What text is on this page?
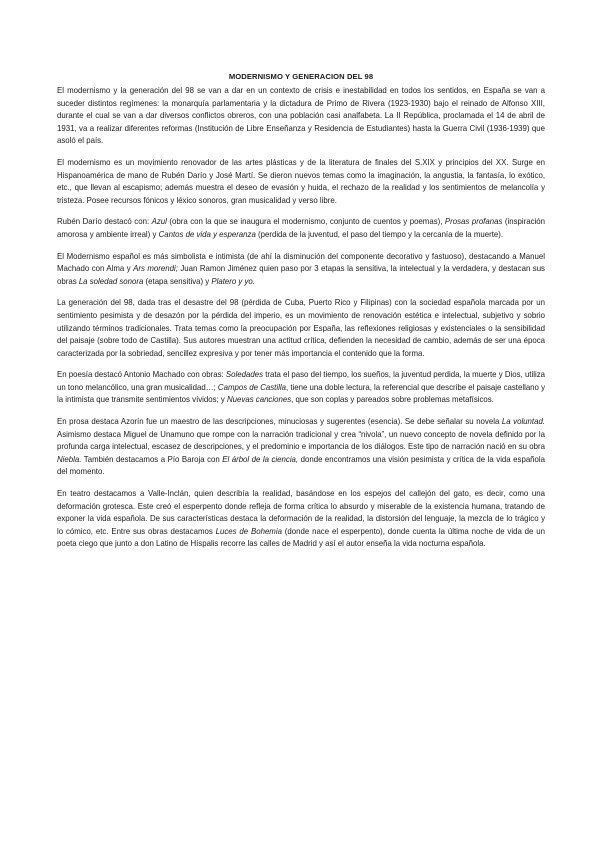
MODERNISMO Y GENERACION DEL 98

El modernismo y la generación del 98 se van a dar en un contexto de crisis e inestabilidad en todos los sentidos, en España se van a suceder distintos regímenes: la monarquía parlamentaria y la dictadura de Primo de Rivera (1923-1930) bajo el reinado de Alfonso XIII, durante el cual se van a dar diversos conflictos obreros, con una población casi analfabeta. La II República, proclamada el 14 de abril de 1931, va a realizar diferentes reformas (Institución de Libre Enseñanza y Residencia de Estudiantes) hasta la Guerra Civil (1936-1939) que asoló el país.

El modernismo es un movimiento renovador de las artes plásticas y de la literatura de finales del S.XIX y principios del XX. Surge en Hispanoamérica de mano de Rubén Darío y José Martí. Se dieron nuevos temas como la imaginación, la angustia, la fantasía, lo exótico, etc., que llevan al escapismo; además muestra el deseo de evasión y huida, el rechazo de la realidad y los sentimientos de melancolía y tristeza. Posee recursos fónicos y léxico sonoros, gran musicalidad y verso libre.

Rubén Darío destacó con: Azul (obra con la que se inaugura el modernismo, conjunto de cuentos y poemas), Prosas profanas (inspiración amorosa y ambiente irreal) y Cantos de vida y esperanza (perdida de la juventud, el paso del tiempo y la cercanía de la muerte).

El Modernismo español es más simbolista e intimista (de ahí la disminución del componente decorativo y fastuoso), destacando a Manuel Machado con Alma y Ars morendi; Juan Ramon Jiménez quien paso por 3 etapas la sensitiva, la intelectual y la verdadera, y destacan sus obras La soledad sonora (etapa sensitiva) y Platero y yo.

La generación del 98, dada tras el desastre del 98 (pérdida de Cuba, Puerto Rico y Filipinas) con la sociedad española marcada por un sentimiento pesimista y de desazón por la pérdida del imperio, es un movimiento de renovación estética e intelectual, subjetivo y sobrio utilizando términos tradicionales. Trata temas como la preocupación por España, las reflexiones religiosas y existenciales o la sensibilidad del paisaje (sobre todo de Castilla). Sus autores muestran una actitud crítica, defienden la necesidad de cambio, además de ser una época caracterizada por la sobriedad, sencillez expresiva y por tener más importancia el contenido que la forma.

En poesía destacó Antonio Machado con obras: Soledades trata el paso del tiempo, los sueños, la juventud perdida, la muerte y Dios, utiliza un tono melancólico, una gran musicalidad…; Campos de Castilla, tiene una doble lectura, la referencial que describe el paisaje castellano y la intimista que transmite sentimientos vívidos; y Nuevas canciones, que son coplas y pareados sobre problemas metafísicos.

En prosa destaca Azorín fue un maestro de las descripciones, minuciosas y sugerentes (esencia). Se debe señalar su novela La voluntad. Asimismo destaca Miguel de Unamuno que rompe con la narración tradicional y crea “nivola”, un nuevo concepto de novela definido por la profunda carga intelectual, escasez de descripciones, y el predominio e importancia de los diálogos. Este tipo de narración nació en su obra Niebla. También destacamos a Pío Baroja con El árbol de la ciencia, donde encontramos una visión pesimista y crítica de la vida española del momento.

En teatro destacamos a Valle-Inclán, quien describía la realidad, basándose en los espejos del callejón del gato, es decir, como una deformación grotesca. Este creó el esperpento donde refleja de forma crítica lo absurdo y miserable de la existencia humana, tratando de exponer la vida española. De sus características destaca la deformación de la realidad, la distorsión del lenguaje, la mezcla de lo trágico y lo cómico, etc. Entre sus obras destacamos Luces de Bohemia (donde nace el esperpento), donde cuenta la última noche de vida de un poeta ciego que junto a don Latino de Híspalis recorre las calles de Madrid y así el autor enseña la vida nocturna española.
